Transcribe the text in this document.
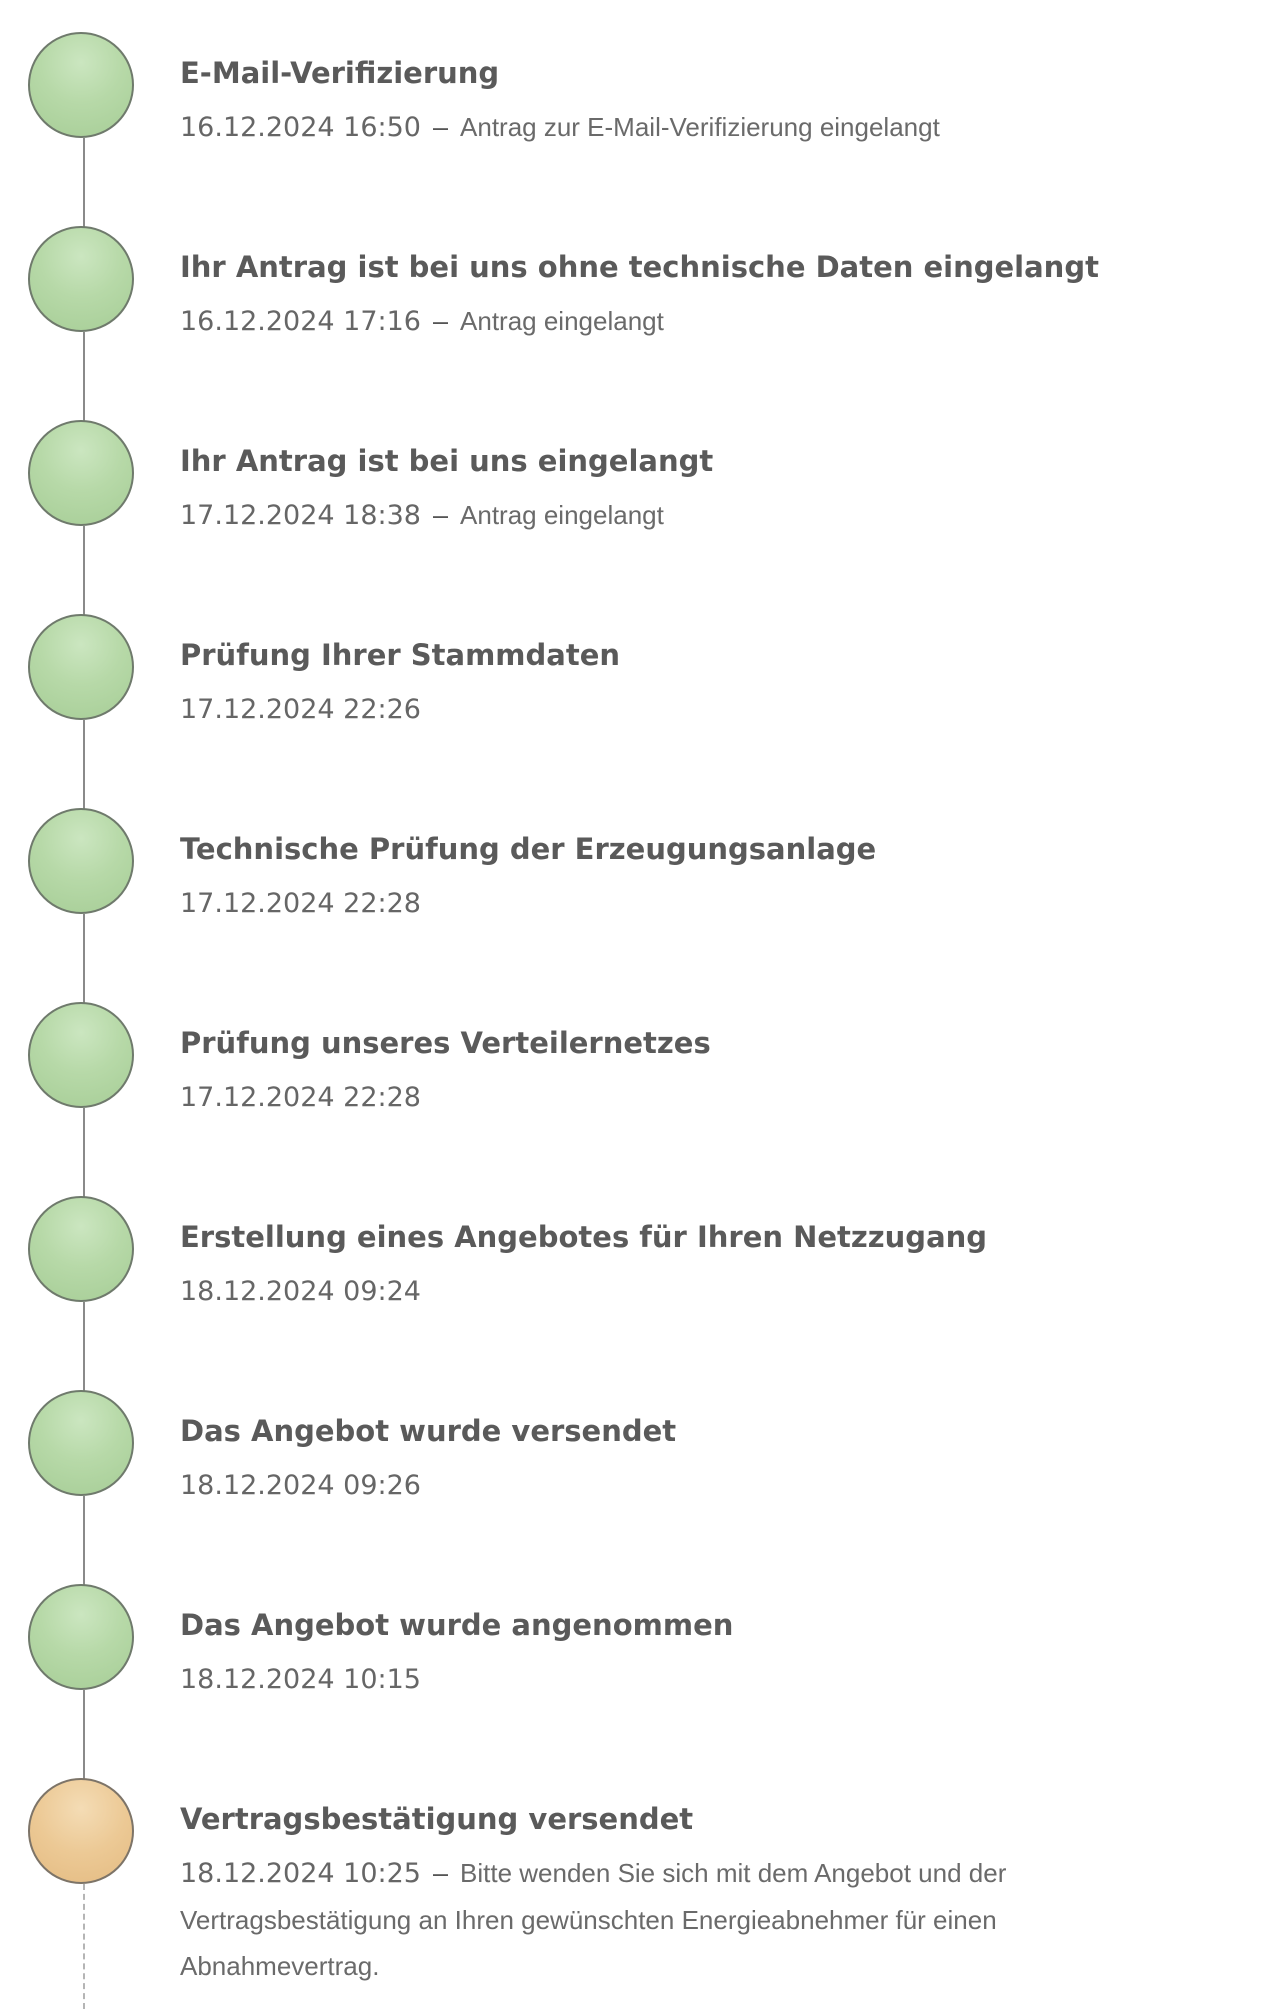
E-Mail-Verifizierung
16.12.2024 16:50 – Antrag zur E-Mail-Verifizierung eingelangt
Ihr Antrag ist bei uns ohne technische Daten eingelangt
16.12.2024 17:16 – Antrag eingelangt
Ihr Antrag ist bei uns eingelangt
17.12.2024 18:38 – Antrag eingelangt
Prüfung Ihrer Stammdaten
17.12.2024 22:26
Technische Prüfung der Erzeugungsanlage
17.12.2024 22:28
Prüfung unseres Verteilernetzes
17.12.2024 22:28
Erstellung eines Angebotes für Ihren Netzzugang
18.12.2024 09:24
Das Angebot wurde versendet
18.12.2024 09:26
Das Angebot wurde angenommen
18.12.2024 10:15
Vertragsbestätigung versendet
18.12.2024 10:25 – Bitte wenden Sie sich mit dem Angebot und der Vertragsbestätigung an Ihren gewünschten Energieabnehmer für einen Abnahmevertrag.
